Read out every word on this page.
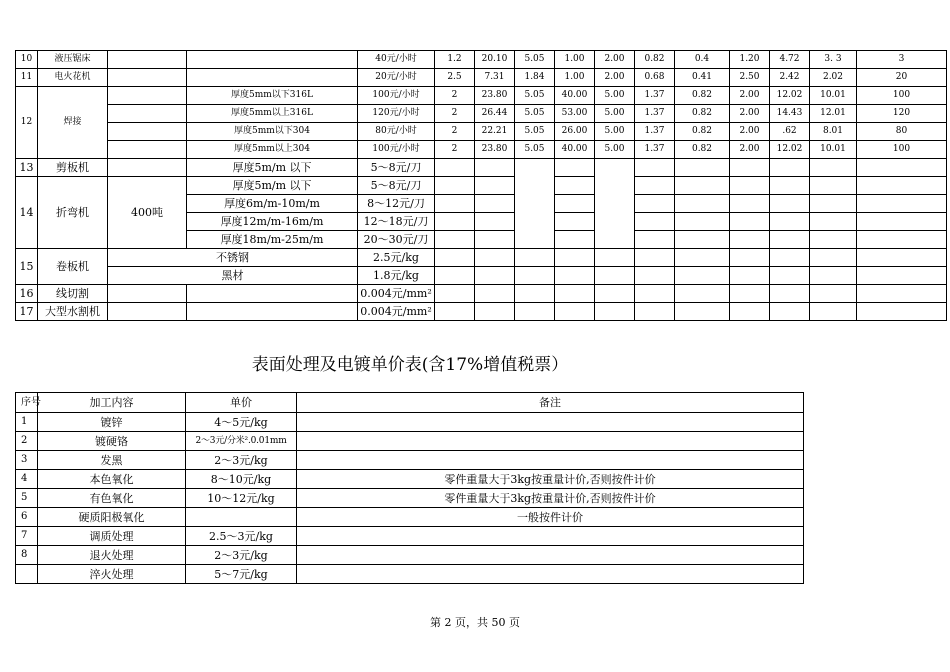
10	液压锯床			40元/小时	1.2	20.10	5.05	1.00	2.00	0.82	0.4	1.20	4.72	3. 3	3
11	电火花机			20元/小时	2.5	7.31	1.84	1.00	2.00	0.68	0.41	2.50	2.42	2.02	20
12	焊接		厚度5mm以下316L	100元/小时	2	23.80	5.05	40.00	5.00	1.37	0.82	2.00	12.02	10.01	100
			厚度5mm以上316L	120元/小时	2	26.44	5.05	53.00	5.00	1.37	0.82	2.00	14.43	12.01	120
			厚度5mm以下304	80元/小时	2	22.21	5.05	26.00	5.00	1.37	0.82	2.00	.62	8.01	80
			厚度5mm以上304	100元/小时	2	23.80	5.05	40.00	5.00	1.37	0.82	2.00	12.02	10.01	100
13	剪板机		厚度5m/m 以下	5～8元/刀											
14	折弯机	400吨	厚度5m/m 以下	5～8元/刀											
			厚度6m/m-10m/m	8～12元/刀											
			厚度12m/m-16m/m	12～18元/刀											
			厚度18m/m-25m/m	20～30元/刀											
15	卷板机	不锈钢		2.5元/kg											
		黑材		1.8元/kg											
16	线切割			0.004元/mm²											
17	大型水割机			0.004元/mm²											
表面处理及电镀单价表(含17%增值税票）
序号	加工内容	单价	备注
1	镀锌	4～5元/kg	
2	镀硬铬	2～3元/分米².0.01mm	
3	发黑	2～3元/kg	
4	本色氧化	8～10元/kg	零件重量大于3kg按重量计价,否则按件计价
5	有色氧化	10～12元/kg	零件重量大于3kg按重量计价,否则按件计价
6	硬质阳极氧化		一般按件计价
7	调质处理	2.5～3元/kg	
8	退火处理	2～3元/kg	
	淬火处理	5～7元/kg	
第 2 页，共 50 页
